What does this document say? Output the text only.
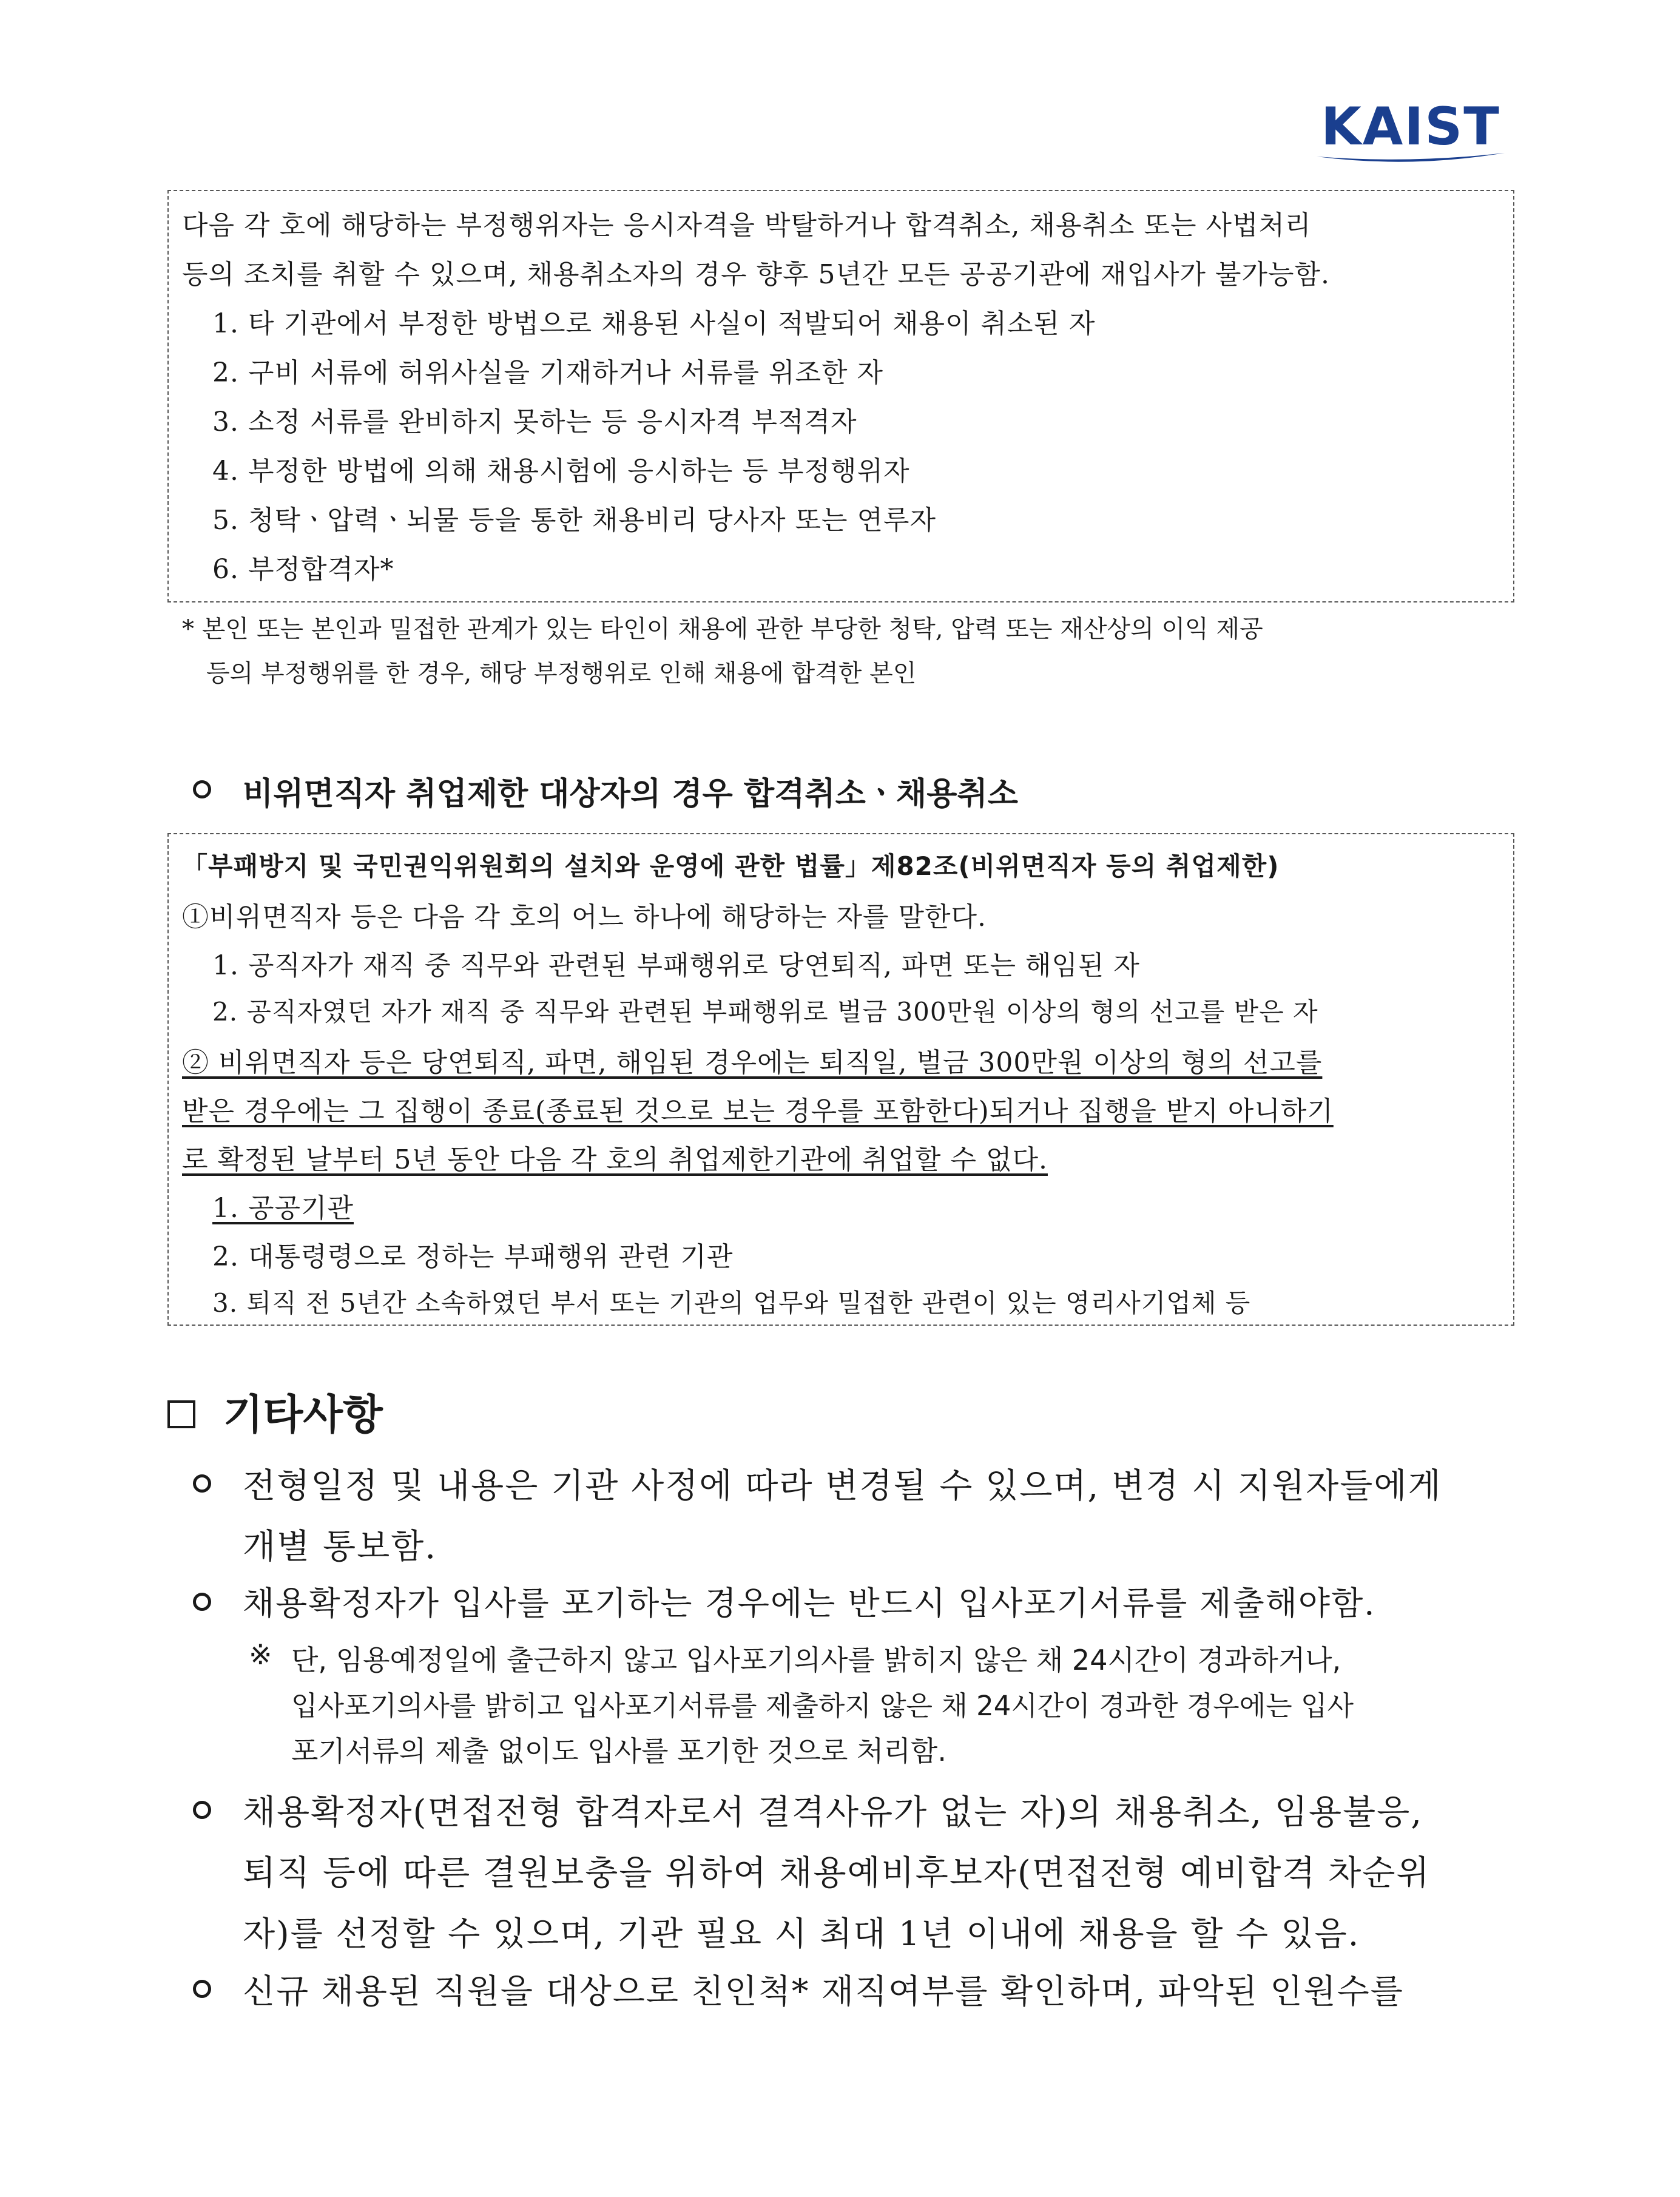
KAIST
다음 각 호에 해당하는 부정행위자는 응시자격을 박탈하거나 합격취소, 채용취소 또는 사법처리
등의 조치를 취할 수 있으며, 채용취소자의 경우 향후 5년간 모든 공공기관에 재입사가 불가능함.
1. 타 기관에서 부정한 방법으로 채용된 사실이 적발되어 채용이 취소된 자
2. 구비 서류에 허위사실을 기재하거나 서류를 위조한 자
3. 소정 서류를 완비하지 못하는 등 응시자격 부적격자
4. 부정한 방법에 의해 채용시험에 응시하는 등 부정행위자
5. 청탁ㆍ압력ㆍ뇌물 등을 통한 채용비리 당사자 또는 연루자
6. 부정합격자*
* 본인 또는 본인과 밀접한 관계가 있는 타인이 채용에 관한 부당한 청탁, 압력 또는 재산상의 이익 제공
등의 부정행위를 한 경우, 해당 부정행위로 인해 채용에 합격한 본인
비위면직자 취업제한 대상자의 경우 합격취소ㆍ채용취소
「부패방지 및 국민권익위원회의 설치와 운영에 관한 법률」제82조(비위면직자 등의 취업제한)
①비위면직자 등은 다음 각 호의 어느 하나에 해당하는 자를 말한다.
1. 공직자가 재직 중 직무와 관련된 부패행위로 당연퇴직, 파면 또는 해임된 자
2. 공직자였던 자가 재직 중 직무와 관련된 부패행위로 벌금 300만원 이상의 형의 선고를 받은 자
② 비위면직자 등은 당연퇴직, 파면, 해임된 경우에는 퇴직일, 벌금 300만원 이상의 형의 선고를
받은 경우에는 그 집행이 종료(종료된 것으로 보는 경우를 포함한다)되거나 집행을 받지 아니하기
로 확정된 날부터 5년 동안 다음 각 호의 취업제한기관에 취업할 수 없다.
1. 공공기관
2. 대통령령으로 정하는 부패행위 관련 기관
3. 퇴직 전 5년간 소속하였던 부서 또는 기관의 업무와 밀접한 관련이 있는 영리사기업체 등
기타사항
전형일정 및 내용은 기관 사정에 따라 변경될 수 있으며, 변경 시 지원자들에게
개별 통보함.
채용확정자가 입사를 포기하는 경우에는 반드시 입사포기서류를 제출해야함.
※ 단, 임용예정일에 출근하지 않고 입사포기의사를 밝히지 않은 채 24시간이 경과하거나,
입사포기의사를 밝히고 입사포기서류를 제출하지 않은 채 24시간이 경과한 경우에는 입사
포기서류의 제출 없이도 입사를 포기한 것으로 처리함.
채용확정자(면접전형 합격자로서 결격사유가 없는 자)의 채용취소, 임용불응,
퇴직 등에 따른 결원보충을 위하여 채용예비후보자(면접전형 예비합격 차순위
자)를 선정할 수 있으며, 기관 필요 시 최대 1년 이내에 채용을 할 수 있음.
신규 채용된 직원을 대상으로 친인척* 재직여부를 확인하며, 파악된 인원수를
